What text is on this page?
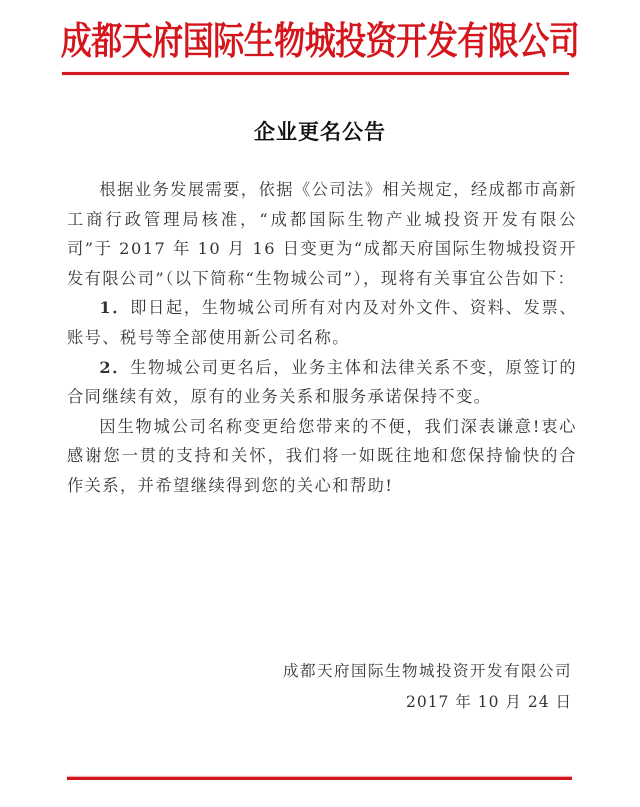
成都天府国际生物城投资开发有限公司
企业更名公告

根据业务发展需要，依据《公司法》相关规定，经成都市高新工商行政管理局核准，“成都国际生物产业城投资开发有限公司”于 2017 年 10 月 16 日变更为“成都天府国际生物城投资开发有限公司”（以下简称“生物城公司”），现将有关事宜公告如下：

1．即日起，生物城公司所有对内及对外文件、资料、发票、账号、税号等全部使用新公司名称。

2．生物城公司更名后，业务主体和法律关系不变，原签订的合同继续有效，原有的业务关系和服务承诺保持不变。

因生物城公司名称变更给您带来的不便，我们深表谦意!衷心感谢您一贯的支持和关怀，我们将一如既往地和您保持愉快的合作关系，并希望继续得到您的关心和帮助!

成都天府国际生物城投资开发有限公司
2017 年 10 月 24 日
